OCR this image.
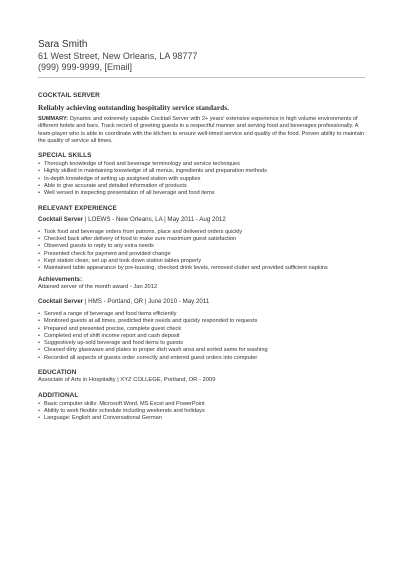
Sara Smith
61 West Street, New Orleans, LA 98777
(999) 999-9999, [Email]
COCKTAIL SERVER
Reliably achieving outstanding hospitality service standards.
SUMMARY: Dynamic and extremely capable Cocktail Server with 2+ years' extensive experience in high volume environments of different hotels and bars. Track record of greeting guests in a respectful manner and serving food and beverages professionally. A team-player who is able to coordinate with the kitchen to ensure well-timed service and quality of the food. Proven ability to maintain the quality of service all times.
SPECIAL SKILLS
• Thorough knowledge of food and beverage terminology and service techniques
• Highly skilled in maintaining knowledge of all menus, ingredients and preparation methods
• In-depth knowledge of setting up assigned station with supplies
• Able to give accurate and detailed information of products
• Well versed in inspecting presentation of all beverage and food items
RELEVANT EXPERIENCE
Cocktail Server | LOEWS - New Orleans, LA | May 2011 - Aug 2012
• Took food and beverage orders from patrons, place and delivered orders quickly
• Checked back after delivery of food to make sure maximum guest satisfaction
• Observed guests to reply to any extra needs
• Presented check for payment and provided change
• Kept station clean, set up and took down station tables properly
• Maintained table appearance by pre-bussing, checked drink levels, removed clutter and provided sufficient napkins
Achievements:
Attained server of the month award - Jan 2012
Cocktail Server | HMS - Portland, OR | June 2010 - May 2011
• Served a range of beverage and food items efficiently
• Monitored guests at all times, predicted their needs and quickly responded to requests
• Prepared and presented precise, complete guest check
• Completed end of shift income report and cash deposit
• Suggestively up-sold beverage and food items to guests
• Cleaned dirty glassware and plates to proper dish wash area and sorted same for washing
• Recorded all aspects of guests order correctly and entered guest orders into computer
EDUCATION
Associate of Arts in Hospitality | XYZ COLLEGE, Portland, OR - 2009
ADDITIONAL
• Basic computer skills: Microsoft Word, MS Excel and PowerPoint
• Ability to work flexible schedule including weekends and holidays
• Language: English and Conversational German
